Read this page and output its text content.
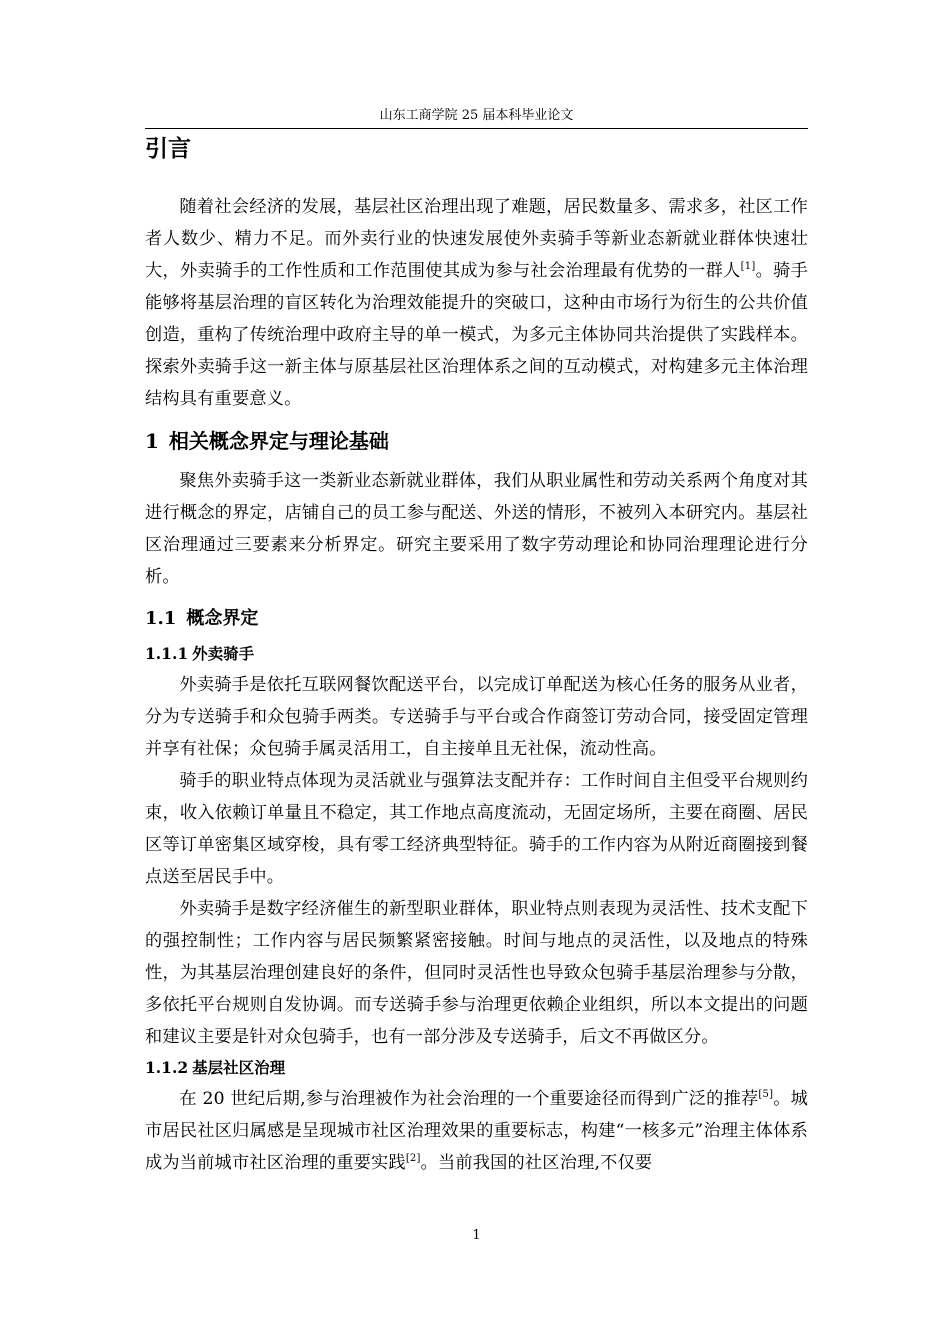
山东工商学院 25 届本科毕业论文
引言

随着社会经济的发展，基层社区治理出现了难题，居民数量多、需求多，社区工作者人数少、精力不足。而外卖行业的快速发展使外卖骑手等新业态新就业群体快速壮大，外卖骑手的工作性质和工作范围使其成为参与社会治理最有优势的一群人[1]。骑手能够将基层治理的盲区转化为治理效能提升的突破口，这种由市场行为衍生的公共价值创造，重构了传统治理中政府主导的单一模式，为多元主体协同共治提供了实践样本。探索外卖骑手这一新主体与原基层社区治理体系之间的互动模式，对构建多元主体治理结构具有重要意义。

1 相关概念界定与理论基础

聚焦外卖骑手这一类新业态新就业群体，我们从职业属性和劳动关系两个角度对其进行概念的界定，店铺自己的员工参与配送、外送的情形，不被列入本研究内。基层社区治理通过三要素来分析界定。研究主要采用了数字劳动理论和协同治理理论进行分析。

1.1 概念界定
1.1.1 外卖骑手

外卖骑手是依托互联网餐饮配送平台，以完成订单配送为核心任务的服务从业者，分为专送骑手和众包骑手两类。专送骑手与平台或合作商签订劳动合同，接受固定管理并享有社保；众包骑手属灵活用工，自主接单且无社保，流动性高。

骑手的职业特点体现为灵活就业与强算法支配并存：工作时间自主但受平台规则约束，收入依赖订单量且不稳定，其工作地点高度流动，无固定场所，主要在商圈、居民区等订单密集区域穿梭，具有零工经济典型特征。骑手的工作内容为从附近商圈接到餐点送至居民手中。

外卖骑手是数字经济催生的新型职业群体，职业特点则表现为灵活性、技术支配下的强控制性；工作内容与居民频繁紧密接触。时间与地点的灵活性，以及地点的特殊性，为其基层治理创建良好的条件，但同时灵活性也导致众包骑手基层治理参与分散，多依托平台规则自发协调。而专送骑手参与治理更依赖企业组织，所以本文提出的问题和建议主要是针对众包骑手，也有一部分涉及专送骑手，后文不再做区分。

1.1.2 基层社区治理

在 20 世纪后期,参与治理被作为社会治理的一个重要途径而得到广泛的推荐[5]。城市居民社区归属感是呈现城市社区治理效果的重要标志，构建“一核多元”治理主体体系成为当前城市社区治理的重要实践[2]。当前我国的社区治理,不仅要

1
